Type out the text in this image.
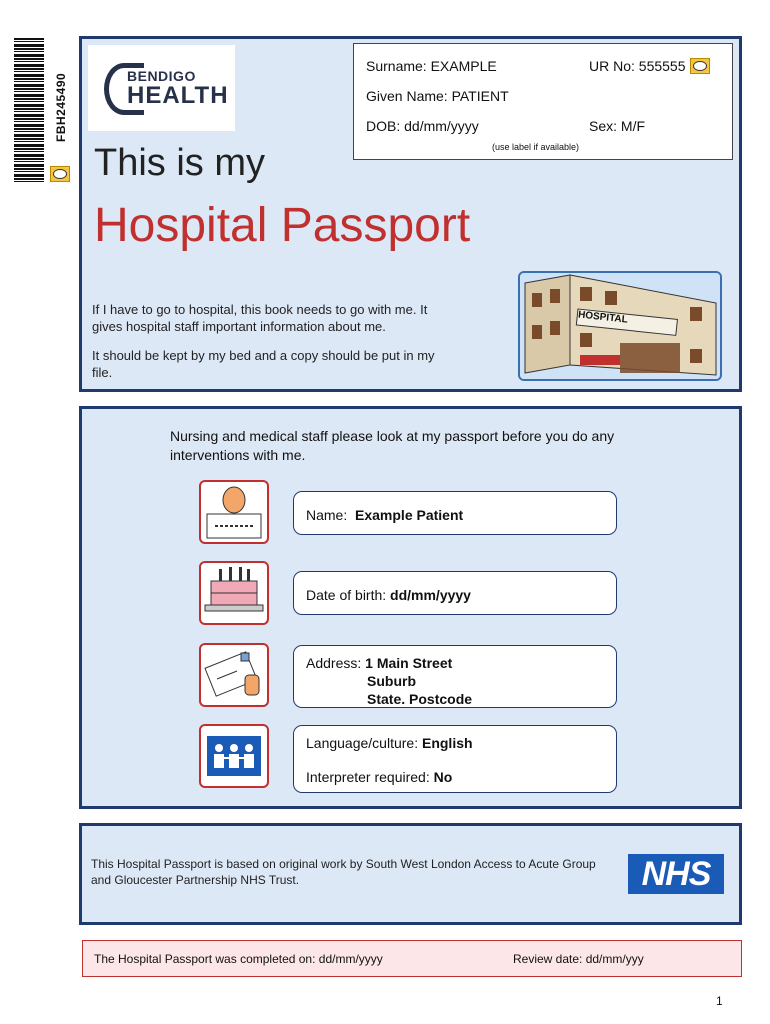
FBH245490	BENDIGO
HEALTH
Surname: EXAMPLE	UR No: 555555
Given Name: PATIENT
DOB: dd/mm/yyyy	Sex: M/F
(use label if available)
This is my
Hospital Passport
If I have to go to hospital, this book needs to go with me. It gives hospital staff important information about me.
It should be kept by my bed and a copy should be put in my file.
HOSPITAL
Nursing and medical staff please look at my passport before you do any interventions with me.
Name: Example Patient
Date of birth: dd/mm/yyyy
Address: 1 Main Street
Suburb
State. Postcode
Language/culture: English
Interpreter required: No
This Hospital Passport is based on original work by South West London Access to Acute Group and Gloucester Partnership NHS Trust.	NHS
The Hospital Passport was completed on: dd/mm/yyyy	Review date: dd/mm/yyy
1
